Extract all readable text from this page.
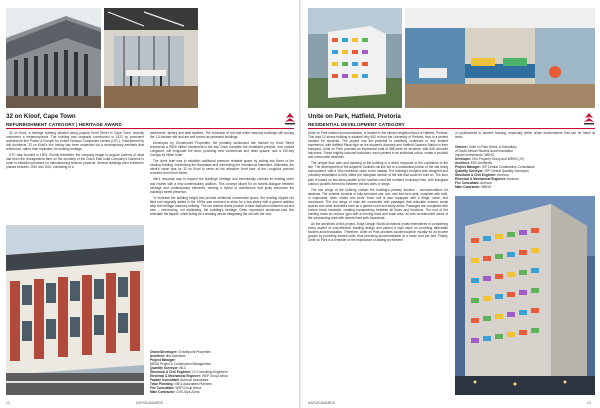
32 on Kloof, Cape Town
REFURBISHMENT CATEGORY | HERITAGE AWARD

32 on Kloof, a heritage building situated along popular Kloof Street in Cape Town, recently underwent a metamorphosis. The building was originally constructed in 1922 by prominent architecture firm Parker & Forsyth for United Tobacco Companies Limited (UTC). Transformed by dhk Architects, 32 on Kloof's rich history has been respected via a contemporary aesthetic that references, rather than replicates, its existing heritage.

UTC was founded in 1904. Shortly thereafter, the company began to acquire portions of what had been the Montgomeria farm on the doorstep of the Dutch East India Company's Gardens in order to establish premises for manufacturing tobacco products. Several buildings were erected in phases between 1910 and 1922, consisting of a

warehouse, factory and staff facilities. The collection of red and white masonry buildings still occupy the 1.5-hectare site and are well known as protected buildings.

Developed by Growthpoint Properties, the primarily landlocked site flanked by Kloof Street represents a R600 million investment in the city. Once complete the revitalised precinct, now named Longkloof, will invigorate the area, providing new commercial and retail spaces, and a 150-key Canopy by Hilton hotel.

The client brief was to establish additional premium rentable space by adding two floors to the existing building, maximising the floorplates and reinventing the voluminous basement. Ultimately, the client's vision was for 32 on Kloof to serve as the attractive 'front face' of the Longkloof precinct revealed from Kloof Street.

dhk's response was to respect the buildings' heritage and intentionally contrast its existing order and rhythm with a new contemporary addition. This concept allows for an honest dialogue between heritage and contemporary elements, forming a hybrid of architecture that justly enhances the building's street presence.

To increase the building height and provide additional commercial space, the existing hipped red tiled roof originally added in the 1990s was removed to allow for a two-storey with a glazed addition atop the heritage masonry building. The two distinct levels provide a clear distinction between old and new – referencing, not replicating, the building's heritage. Deep expressed aluminium-clad fins articulate the façade, while acting as a shading device integrating the old with the new.

Owner/Developer: Growthpoint Properties
Architect: dhk Architects
Project Manager:
MDSA Project & Construction Management
Quantity Surveyor: MLC
Structural & Civil Engineer: LH Consulting Engineers
Electrical & Mechanical Engineer: WSP Group Africa
Façade Consultant: Aurecon Associates
Town Planning: NM & Associates Planners
Fire Consultant: WSP Group Africa
Main Contractor: GVK-Siya Zuma
12	SAPOA AWARDS
Unite on Park, Hatfield, Pretoria
RESIDENTIAL DEVELOPMENT CATEGORY

Unite on Park student accommodation, is located in the vibrant neighbourhood of Hatfield, Pretoria. This bold 12-storey building is situated only 600 m from the University of Pretoria, thus in a perfect location for students. The project has the potential to positively contribute to any student experience, with Hatfield Plaza right on the student's doorstep and Hatfield Gautrain Station in their backyard, Unite on Park provides an impressive total of 688 beds for students, with 646 colourful balconies. These brightly coloured balconies, each painted in an individual colour, create a youthful and memorable aesthetic.

The unique floor plan and massing of the building is a direct response to the conditions of the site. The development of the adjacent Gautrain rail line led to a substantial portion of the site being expropriated, with a 15m restriction close to the railway. The building's footprint was designed and precisely tessellated to fully utilise the triangular section of the site that could be built on. The floor plan is based on two axes parallel to the southern and the northern boundary lines, with triangular outdoor pockets formed to between the two axes or wings.

The two wings of the building contain the building's primary function – accommodation for students. The scheme consists of fully-furnished one, two- and four-bed units, complete with built-in cupboards, desk, chairs and beds. Each unit is also equipped with a fridge, stove, and microwave. The two wings of units are connected with passages that articulate outdoor social spaces and other amenities such as a games room and study areas. Passages are completed with breeze block handrails, creating transparency between all floors and functions. The roof of the building hosts an outdoor gym with a running track and braai area, all with unobstructed views of the surrounding area with streets lined with Jacaranda.

As the architects of this project, Edge Design Studio Architects prided themselves in considering every aspect of cost-effective building design and placed a high value on providing affordable student accommodation. Therefore, Unite on Park provides accommodation equally for all income groups by providing shared units, thus providing accommodation at a lower cost per bed. Finally, Unite on Park is a reminder of the importance of adding an element

of youthfulness to student housing, especially within urban environments that can be harsh at times.

Owners: Unite on Park Drees, A Subsidiary
of South African Student Accommodation
Impact Investments, WBHO
Developer: Eris Property Group and WBHO (JV)
Architect: KDS Architects
Project Manager: ISP Central Construction Consultants
Quantity Surveyor: ISP Central Quantity Surveyors
Structural & Civil Engineer: Aurecon
Electrical & Mechanical Engineer: Aurecon
Fire Consultant: Aurecon
Main Contractor: WBHO
SAPOA AWARDS	13
